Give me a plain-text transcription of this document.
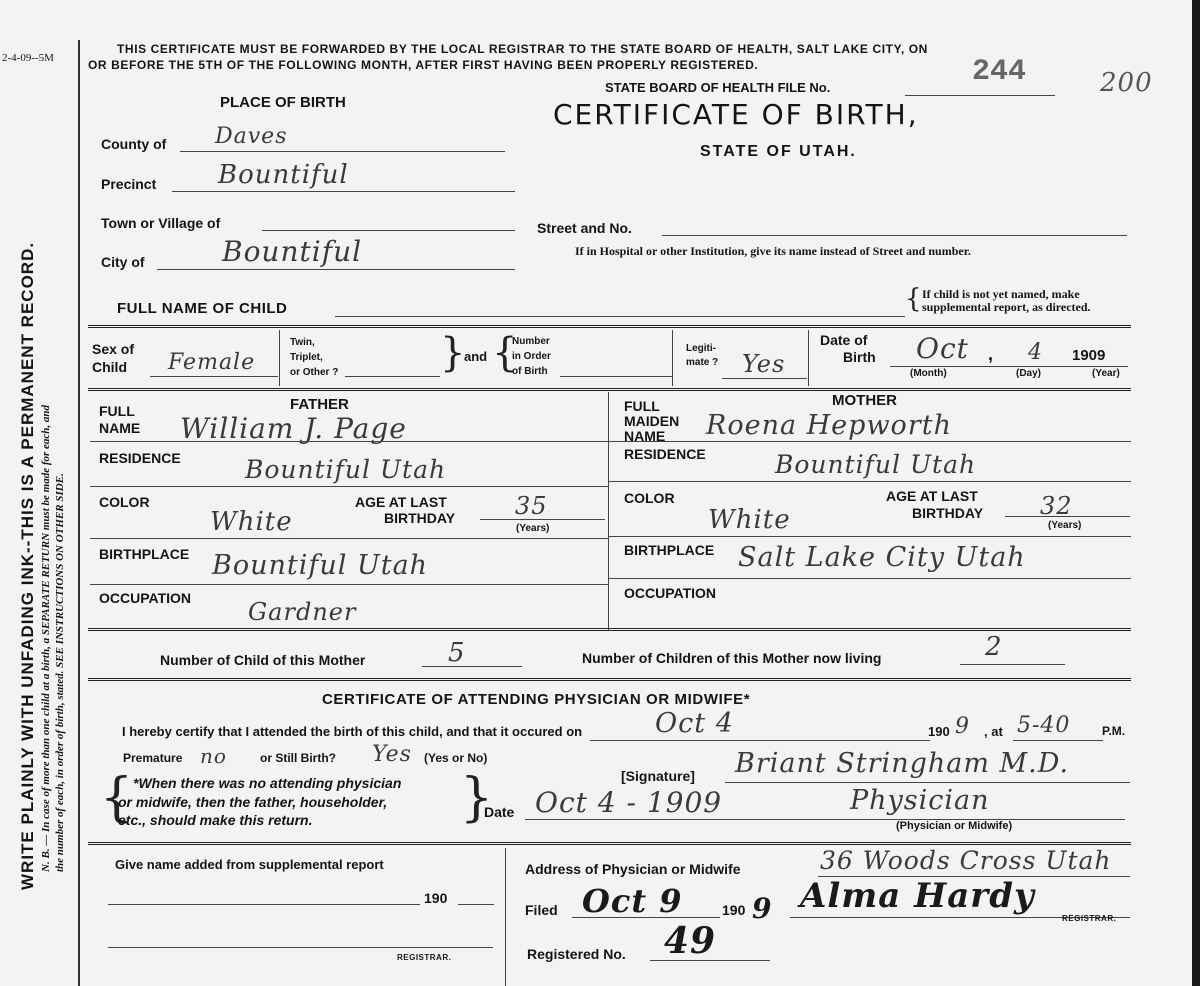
2-4-09--5M
WRITE PLAINLY WITH UNFADING INK--THIS IS A PERMANENT RECORD. N. B. — In case of more than one child at a birth, a SEPARATE RETURN must be made for each, and the number of each, in order of birth, stated. SEE INSTRUCTIONS ON OTHER SIDE.
THIS CERTIFICATE MUST BE FORWARDED BY THE LOCAL REGISTRAR TO THE STATE BOARD OF HEALTH, SALT LAKE CITY, ON
OR BEFORE THE 5TH OF THE FOLLOWING MONTH, AFTER FIRST HAVING BEEN PROPERLY REGISTERED.
STATE BOARD OF HEALTH FILE No.	244	200
CERTIFICATE OF BIRTH,
STATE OF UTAH.
PLACE OF BIRTH
County of Daves
Precinct Bountiful
Town or Village of
City of	Bountiful
Street and No.
If in Hospital or other Institution, give its name instead of Street and number.
FULL NAME OF CHILD	{ If child is not yet named, make
supplemental report, as directed.
Sex of
Child Female
Twin,
Triplet,
or Other ?	}
and {
Number
in Order
of Birth
Legiti-
mate ? Yes
Date of
Birth Oct , 4 1909
(Month)	(Day)	(Year)
FATHER
FULL
NAME William J. Page
RESIDENCE	Bountiful Utah
COLOR
White
AGE AT LAST
BIRTHDAY 35
(Years)
BIRTHPLACE Bountiful Utah
OCCUPATION Gardner
MOTHER
FULL
MAIDEN
NAME Roena Hepworth
RESIDENCE	Bountiful Utah
COLOR
White
AGE AT LAST
BIRTHDAY 32
(Years)
BIRTHPLACE Salt Lake City Utah
OCCUPATION
Number of Child of this Mother	5	Number of Children of this Mother now living	2
CERTIFICATE OF ATTENDING PHYSICIAN OR MIDWIFE*
I hereby certify that I attended the birth of this child, and that it occured on	Oct 4	190 9 , at 5-40	P.M.
Premature no	or Still Birth? Yes (Yes or No)
{ *When there was no attending physician
or midwife, then the father, householder,
etc., should make this return.	}	[Signature] Briant Stringham M.D.
Date Oct 4 - 1909	Physician
(Physician or Midwife)
Give name added from supplemental report
190
REGISTRAR.
Address of Physician or Midwife	36 Woods Cross Utah
Filed Oct 9	190 9 Alma Hardy
REGISTRAR.
Registered No. 49
